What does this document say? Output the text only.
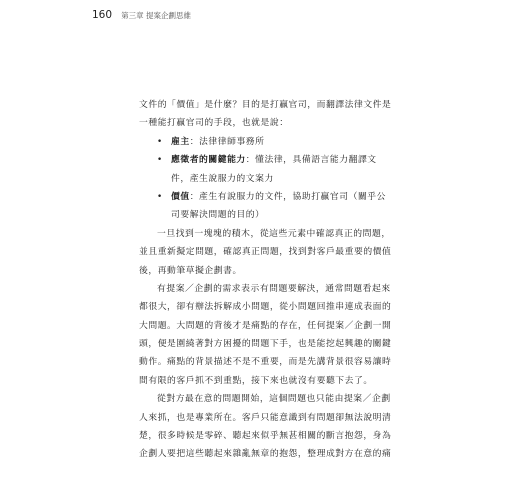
160 第三章 提案企劃思維
文件的「價值」是什麼？目的是打贏官司，而翻譯法律文件是
一種能打贏官司的手段，也就是說：
• 雇主：法律律師事務所
• 應徵者的關鍵能力：懂法律，具備語言能力翻譯文
件，產生說服力的文案力
• 價值：產生有說服力的文件，協助打贏官司（關乎公
司要解決問題的目的）
一旦找到一塊塊的積木，從這些元素中確認真正的問題，
並且重新擬定問題，確認真正問題，找到對客戶最重要的價值
後，再動筆草擬企劃書。
有提案／企劃的需求表示有問題要解決，通常問題看起來
都很大，卻有辦法拆解成小問題，從小問題回推串連成表面的
大問題。大問題的背後才是痛點的存在，任何提案／企劃一開
頭，便是圍繞著對方困擾的問題下手，也是能挖起興趣的關鍵
動作。痛點的背景描述不是不重要，而是先講背景很容易讓時
間有限的客戶抓不到重點，接下來也就沒有要聽下去了。
從對方最在意的問題開始，這個問題也只能由提案／企劃
人來抓，也是專業所在。客戶只能意識到有問題卻無法說明清
楚，很多時候是零碎、聽起來似乎無甚相關的斷言抱怨，身為
企劃人要把這些聽起來雜亂無章的抱怨，整理成對方在意的痛
